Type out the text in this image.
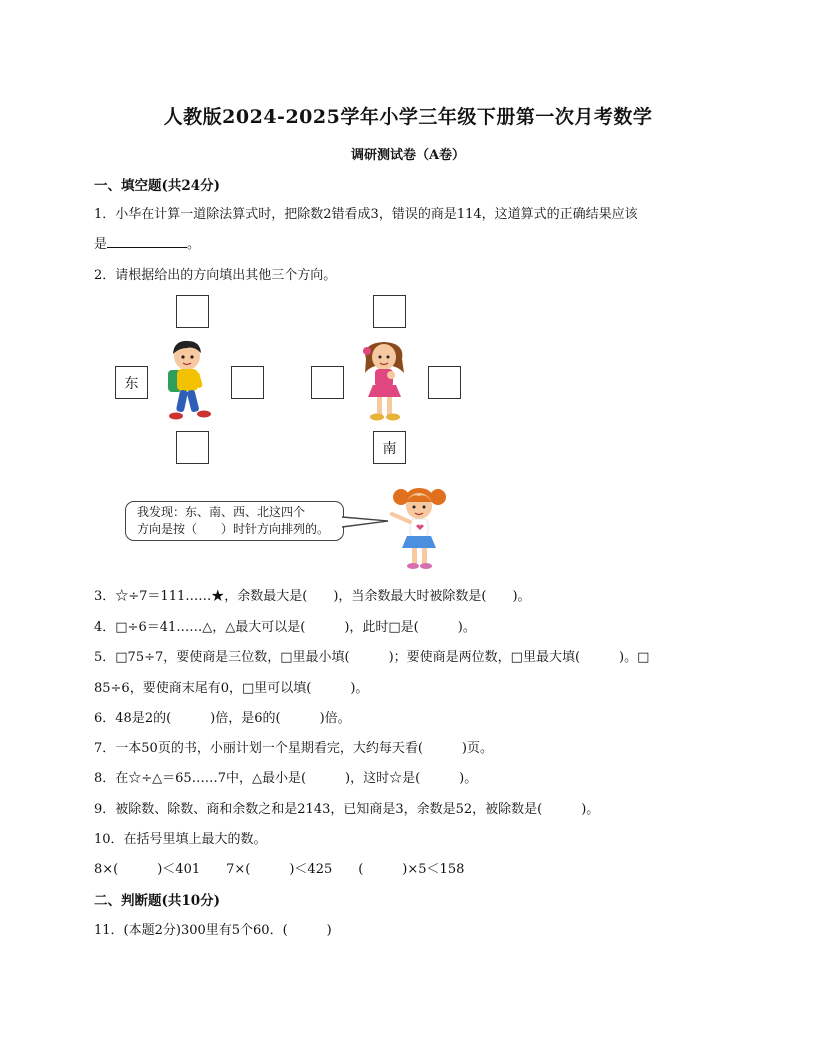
人教版2024-2025学年小学三年级下册第一次月考数学
调研测试卷（A卷）
一、填空题(共24分)
1．小华在计算一道除法算式时，把除数2错看成3，错误的商是114，这道算式的正确结果应该
是	。
2．请根据给出的方向填出其他三个方向。
东
南
我发现：东、南、西、北这四个
方向是按（　　）时针方向排列的。
3．☆÷7＝111……★，余数最大是(　　)，当余数最大时被除数是(　　)。
4．□÷6＝41……△，△最大可以是(　　　)，此时□是(　　　)。
5．□75÷7，要使商是三位数，□里最小填(　　　)；要使商是两位数，□里最大填(　　　)。□
85÷6，要使商末尾有0，□里可以填(　　　)。
6．48是2的(　　　)倍，是6的(　　　)倍。
7．一本50页的书，小丽计划一个星期看完，大约每天看(　　　)页。
8．在☆÷△＝65……7中，△最小是(　　　)，这时☆是(　　　)。
9．被除数、除数、商和余数之和是2143，已知商是3，余数是52，被除数是(　　　)。
10．在括号里填上最大的数。
8×(　　　)＜401　　7×(　　　)＜425　　(　　　)×5＜158
二、判断题(共10分)
11．(本题2分)300里有5个60．(　　　)
